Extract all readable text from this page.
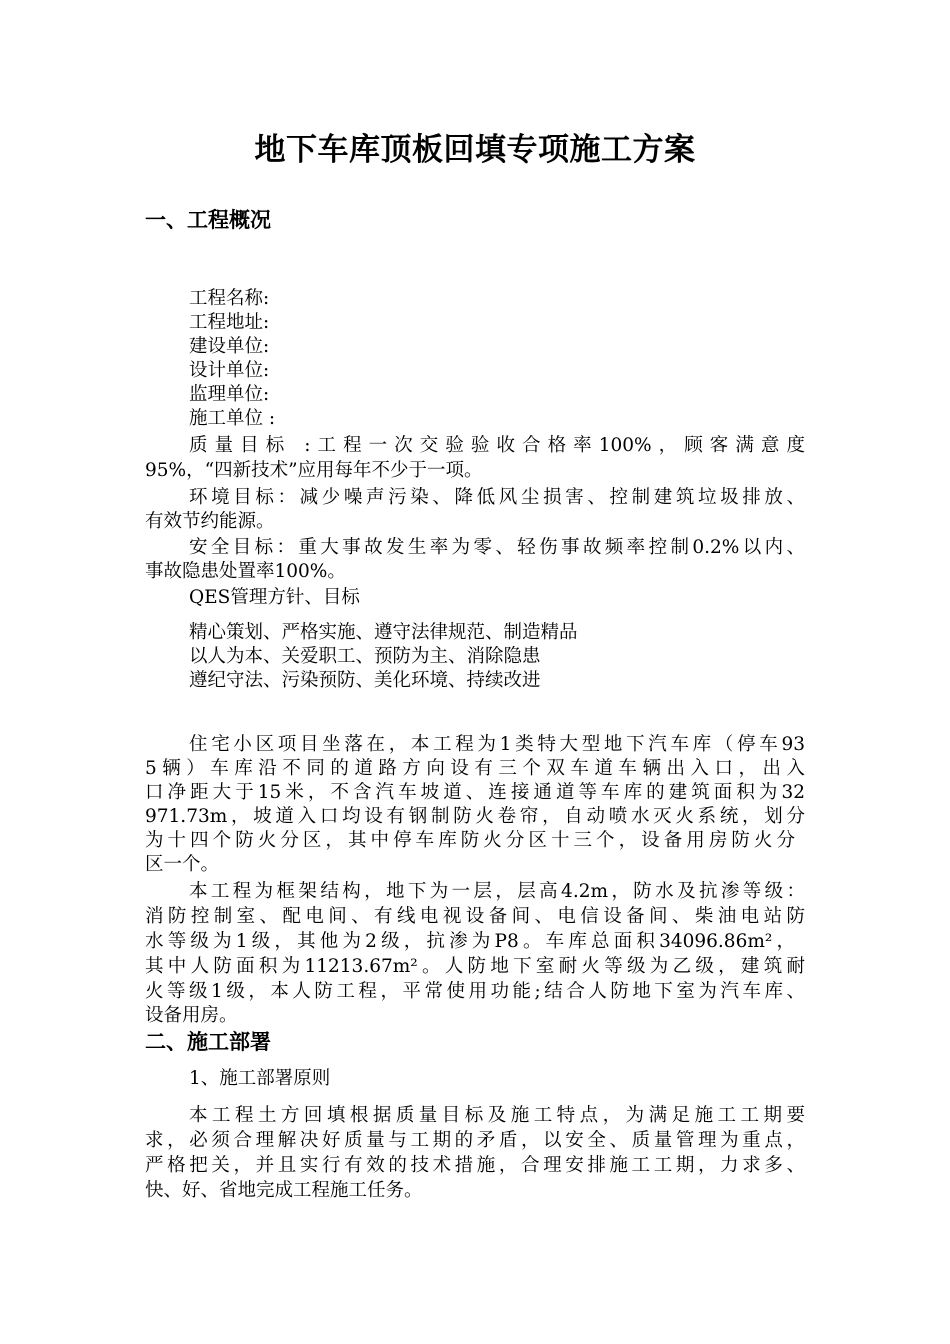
地下车库顶板回填专项施工方案
一、工程概况

工程名称:

工程地址:

建设单位:

设计单位:

监理单位:

施工单位 :

质量目标 :工程一次交验验收合格率100%，顾客满意度

95%，“四新技术”应用每年不少于一项。

环境目标：减少噪声污染、降低风尘损害、控制建筑垃圾排放、

有效节约能源。

安全目标：重大事故发生率为零、轻伤事故频率控制0.2%以内、

事故隐患处置率100%。

QES管理方针、目标

精心策划、严格实施、遵守法律规范、制造精品

以人为本、关爱职工、预防为主、消除隐患

遵纪守法、污染预防、美化环境、持续改进

住宅小区项目坐落在，本工程为1类特大型地下汽车库（停车93

5辆）车库沿不同的道路方向设有三个双车道车辆出入口，出入

口净距大于15米，不含汽车坡道、连接通道等车库的建筑面积为32

971.73m，坡道入口均设有钢制防火卷帘，自动喷水灭火系统，划分

为十四个防火分区，其中停车库防火分区十三个，设备用房防火分

区一个。

本工程为框架结构，地下为一层，层高4.2m，防水及抗渗等级：

消防控制室、配电间、有线电视设备间、电信设备间、柴油电站防

水等级为1级，其他为2级，抗渗为P8。车库总面积34096.86m²，

其中人防面积为11213.67m²。人防地下室耐火等级为乙级，建筑耐

火等级1级，本人防工程，平常使用功能;结合人防地下室为汽车库、

设备用房。

二、施工部署

1、施工部署原则

本工程土方回填根据质量目标及施工特点，为满足施工工期要

求，必须合理解决好质量与工期的矛盾，以安全、质量管理为重点，

严格把关，并且实行有效的技术措施，合理安排施工工期，力求多、

快、好、省地完成工程施工任务。
